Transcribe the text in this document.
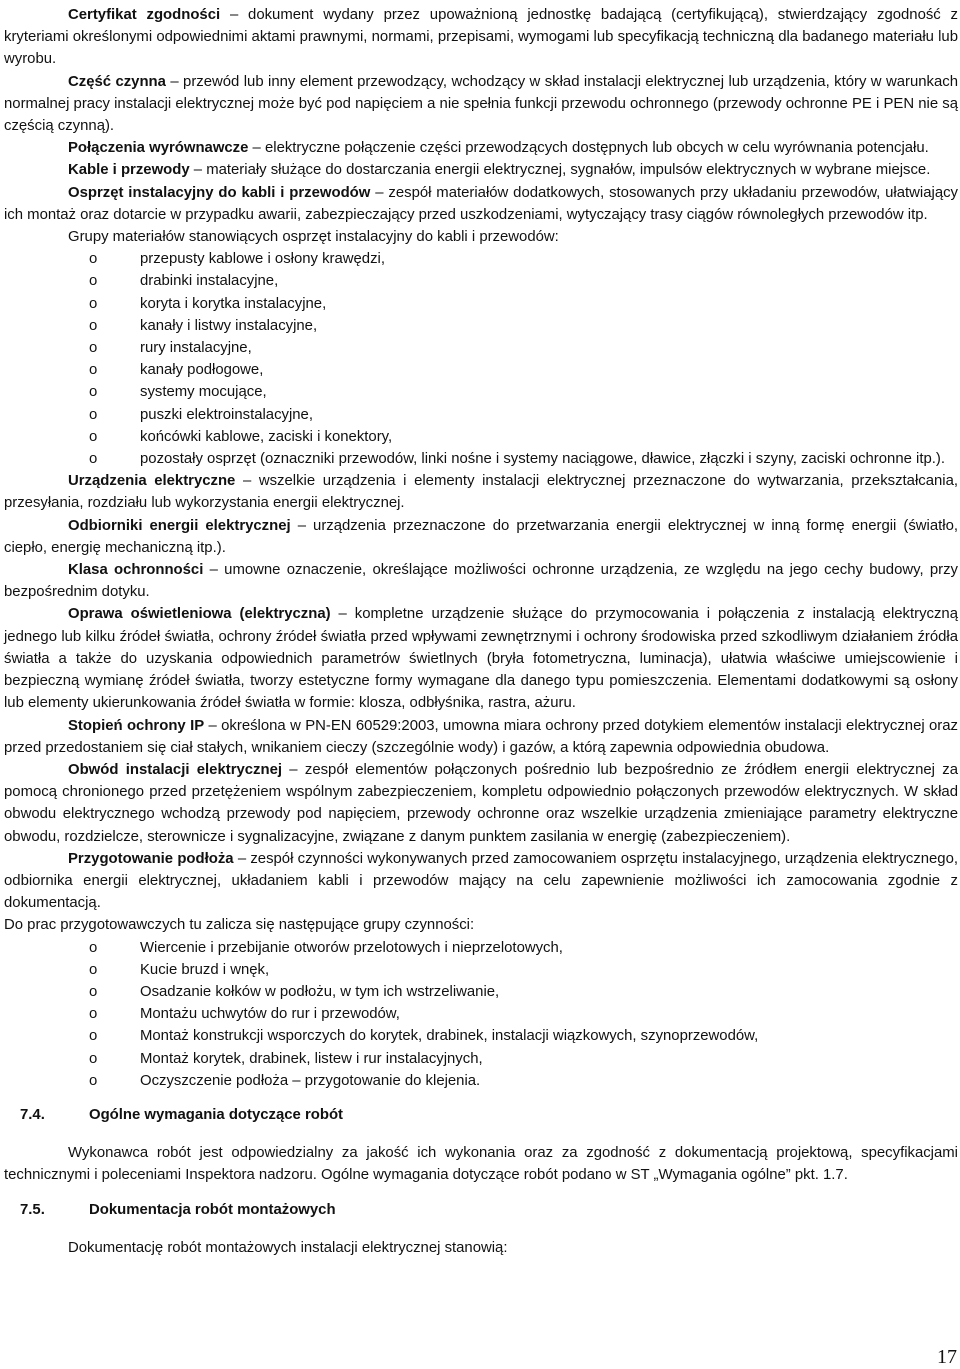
Certyfikat zgodności – dokument wydany przez upoważnioną jednostkę badającą (certyfikującą), stwierdzający zgodność z kryteriami określonymi odpowiednimi aktami prawnymi, normami, przepisami, wymogami lub specyfikacją techniczną dla badanego materiału lub wyrobu.

Część czynna – przewód lub inny element przewodzący, wchodzący w skład instalacji elektrycznej lub urządzenia, który w warunkach normalnej pracy instalacji elektrycznej może być pod napięciem a nie spełnia funkcji przewodu ochronnego (przewody ochronne PE i PEN nie są częścią czynną).

Połączenia wyrównawcze – elektryczne połączenie części przewodzących dostępnych lub obcych w celu wyrównania potencjału.

Kable i przewody – materiały służące do dostarczania energii elektrycznej, sygnałów, impulsów elektrycznych w wybrane miejsce.

Osprzęt instalacyjny do kabli i przewodów – zespół materiałów dodatkowych, stosowanych przy układaniu przewodów, ułatwiający ich montaż oraz dotarcie w przypadku awarii, zabezpieczający przed uszkodzeniami, wytyczający trasy ciągów równoległych przewodów itp.

Grupy materiałów stanowiących osprzęt instalacyjny do kabli i przewodów:

o	przepusty kablowe i osłony krawędzi,
o	drabinki instalacyjne,
o	koryta i korytka instalacyjne,
o	kanały i listwy instalacyjne,
o	rury instalacyjne,
o	kanały podłogowe,
o	systemy mocujące,
o	puszki elektroinstalacyjne,
o	końcówki kablowe, zaciski i konektory,
o	pozostały osprzęt (oznaczniki przewodów, linki nośne i systemy naciągowe, dławice, złączki i szyny, zaciski ochronne itp.).

Urządzenia elektryczne – wszelkie urządzenia i elementy instalacji elektrycznej przeznaczone do wytwarzania, przekształcania, przesyłania, rozdziału lub wykorzystania energii elektrycznej.

Odbiorniki energii elektrycznej – urządzenia przeznaczone do przetwarzania energii elektrycznej w inną formę energii (światło, ciepło, energię mechaniczną itp.).

Klasa ochronności – umowne oznaczenie, określające możliwości ochronne urządzenia, ze względu na jego cechy budowy, przy bezpośrednim dotyku.

Oprawa oświetleniowa (elektryczna) – kompletne urządzenie służące do przymocowania i połączenia z instalacją elektryczną jednego lub kilku źródeł światła, ochrony źródeł światła przed wpływami zewnętrznymi i ochrony środowiska przed szkodliwym działaniem źródła światła a także do uzyskania odpowiednich parametrów świetlnych (bryła fotometryczna, luminacja), ułatwia właściwe umiejscowienie i bezpieczną wymianę źródeł światła, tworzy estetyczne formy wymagane dla danego typu pomieszczenia. Elementami dodatkowymi są osłony lub elementy ukierunkowania źródeł światła w formie: klosza, odbłyśnika, rastra, ażuru.

Stopień ochrony IP – określona w PN-EN 60529:2003, umowna miara ochrony przed dotykiem elementów instalacji elektrycznej oraz przed przedostaniem się ciał stałych, wnikaniem cieczy (szczególnie wody) i gazów, a którą zapewnia odpowiednia obudowa.

Obwód instalacji elektrycznej – zespół elementów połączonych pośrednio lub bezpośrednio ze źródłem energii elektrycznej za pomocą chronionego przed przetężeniem wspólnym zabezpieczeniem, kompletu odpowiednio połączonych przewodów elektrycznych. W skład obwodu elektrycznego wchodzą przewody pod napięciem, przewody ochronne oraz wszelkie urządzenia zmieniające parametry elektryczne obwodu, rozdzielcze, sterownicze i sygnalizacyjne, związane z danym punktem zasilania w energię (zabezpieczeniem).

Przygotowanie podłoża – zespół czynności wykonywanych przed zamocowaniem osprzętu instalacyjnego, urządzenia elektrycznego, odbiornika energii elektrycznej, układaniem kabli i przewodów mający na celu zapewnienie możliwości ich zamocowania zgodnie z dokumentacją.

Do prac przygotowawczych tu zalicza się następujące grupy czynności:

o	Wiercenie i przebijanie otworów przelotowych i nieprzelotowych,
o	Kucie bruzd i wnęk,
o	Osadzanie kołków w podłożu, w tym ich wstrzeliwanie,
o	Montażu uchwytów do rur i przewodów,
o	Montaż konstrukcji wsporczych do korytek, drabinek, instalacji wiązkowych, szynoprzewodów,
o	Montaż korytek, drabinek, listew i rur instalacyjnych,
o	Oczyszczenie podłoża – przygotowanie do klejenia.

7.4.	Ogólne wymagania dotyczące robót

Wykonawca robót jest odpowiedzialny za jakość ich wykonania oraz za zgodność z dokumentacją projektową, specyfikacjami technicznymi i poleceniami Inspektora nadzoru. Ogólne wymagania dotyczące robót podano w ST „Wymagania ogólne” pkt. 1.7.

7.5.	Dokumentacja robót montażowych

Dokumentację robót montażowych instalacji elektrycznej stanowią:

17
